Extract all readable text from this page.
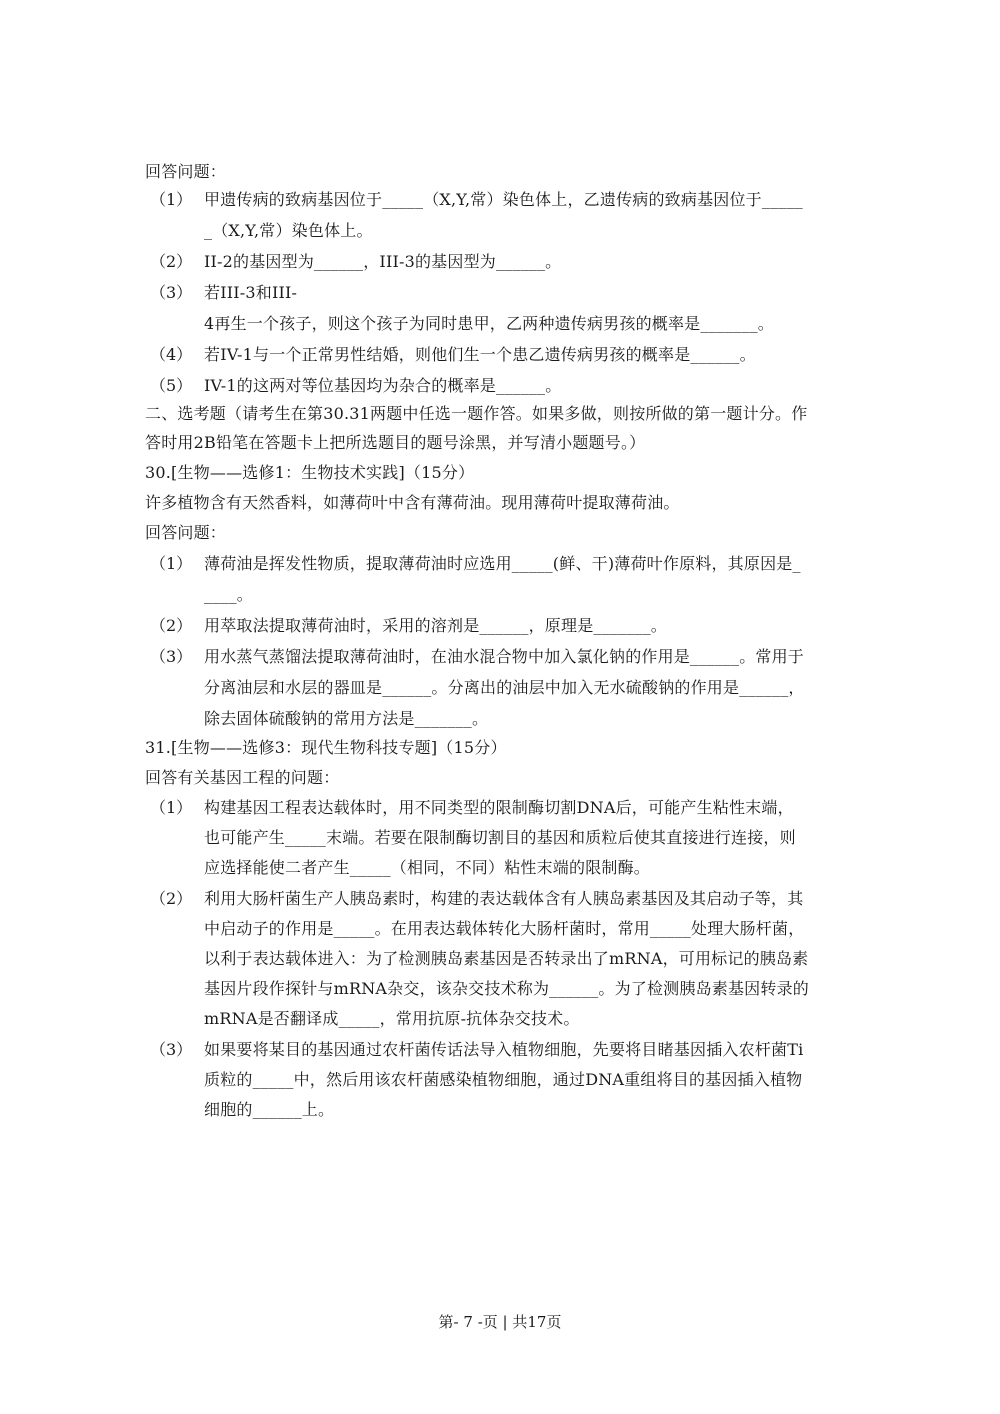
回答问题：
（1） 甲遗传病的致病基因位于_____（X,Y,常）染色体上，乙遗传病的致病基因位于_____
_（X,Y,常）染色体上。
（2） II-2的基因型为______，III-3的基因型为______。
（3） 若III-3和III-
4再生一个孩子，则这个孩子为同时患甲，乙两种遗传病男孩的概率是_______。
（4） 若IV-1与一个正常男性结婚，则他们生一个患乙遗传病男孩的概率是______。
（5） IV-1的这两对等位基因均为杂合的概率是______。
二、选考题（请考生在第30.31两题中任选一题作答。如果多做，则按所做的第一题计分。作
答时用2B铅笔在答题卡上把所选题目的题号涂黑，并写清小题题号。）
30.[生物——选修1：生物技术实践]（15分）
许多植物含有天然香料，如薄荷叶中含有薄荷油。现用薄荷叶提取薄荷油。
回答问题：
（1） 薄荷油是挥发性物质，提取薄荷油时应选用_____(鲜、干)薄荷叶作原料，其原因是_
____。
（2） 用萃取法提取薄荷油时，采用的溶剂是______，原理是_______。
（3） 用水蒸气蒸馏法提取薄荷油时，在油水混合物中加入氯化钠的作用是______。常用于
分离油层和水层的器皿是______。分离出的油层中加入无水硫酸钠的作用是______，
除去固体硫酸钠的常用方法是_______。
31.[生物——选修3：现代生物科技专题]（15分）
回答有关基因工程的问题：
（1） 构建基因工程表达载体时，用不同类型的限制酶切割DNA后，可能产生粘性末端，
也可能产生_____末端。若要在限制酶切割目的基因和质粒后使其直接进行连接，则
应选择能使二者产生_____（相同，不同）粘性末端的限制酶。
（2） 利用大肠杆菌生产人胰岛素时，构建的表达载体含有人胰岛素基因及其启动子等，其
中启动子的作用是_____。在用表达载体转化大肠杆菌时，常用_____处理大肠杆菌，
以利于表达载体进入：为了检测胰岛素基因是否转录出了mRNA，可用标记的胰岛素
基因片段作探针与mRNA杂交，该杂交技术称为______。为了检测胰岛素基因转录的
mRNA是否翻译成_____，常用抗原-抗体杂交技术。
（3） 如果要将某目的基因通过农杆菌传话法导入植物细胞，先要将目睹基因插入农杆菌Ti
质粒的_____中，然后用该农杆菌感染植物细胞，通过DNA重组将目的基因插入植物
细胞的______上。
第- 7 -页 | 共17页
